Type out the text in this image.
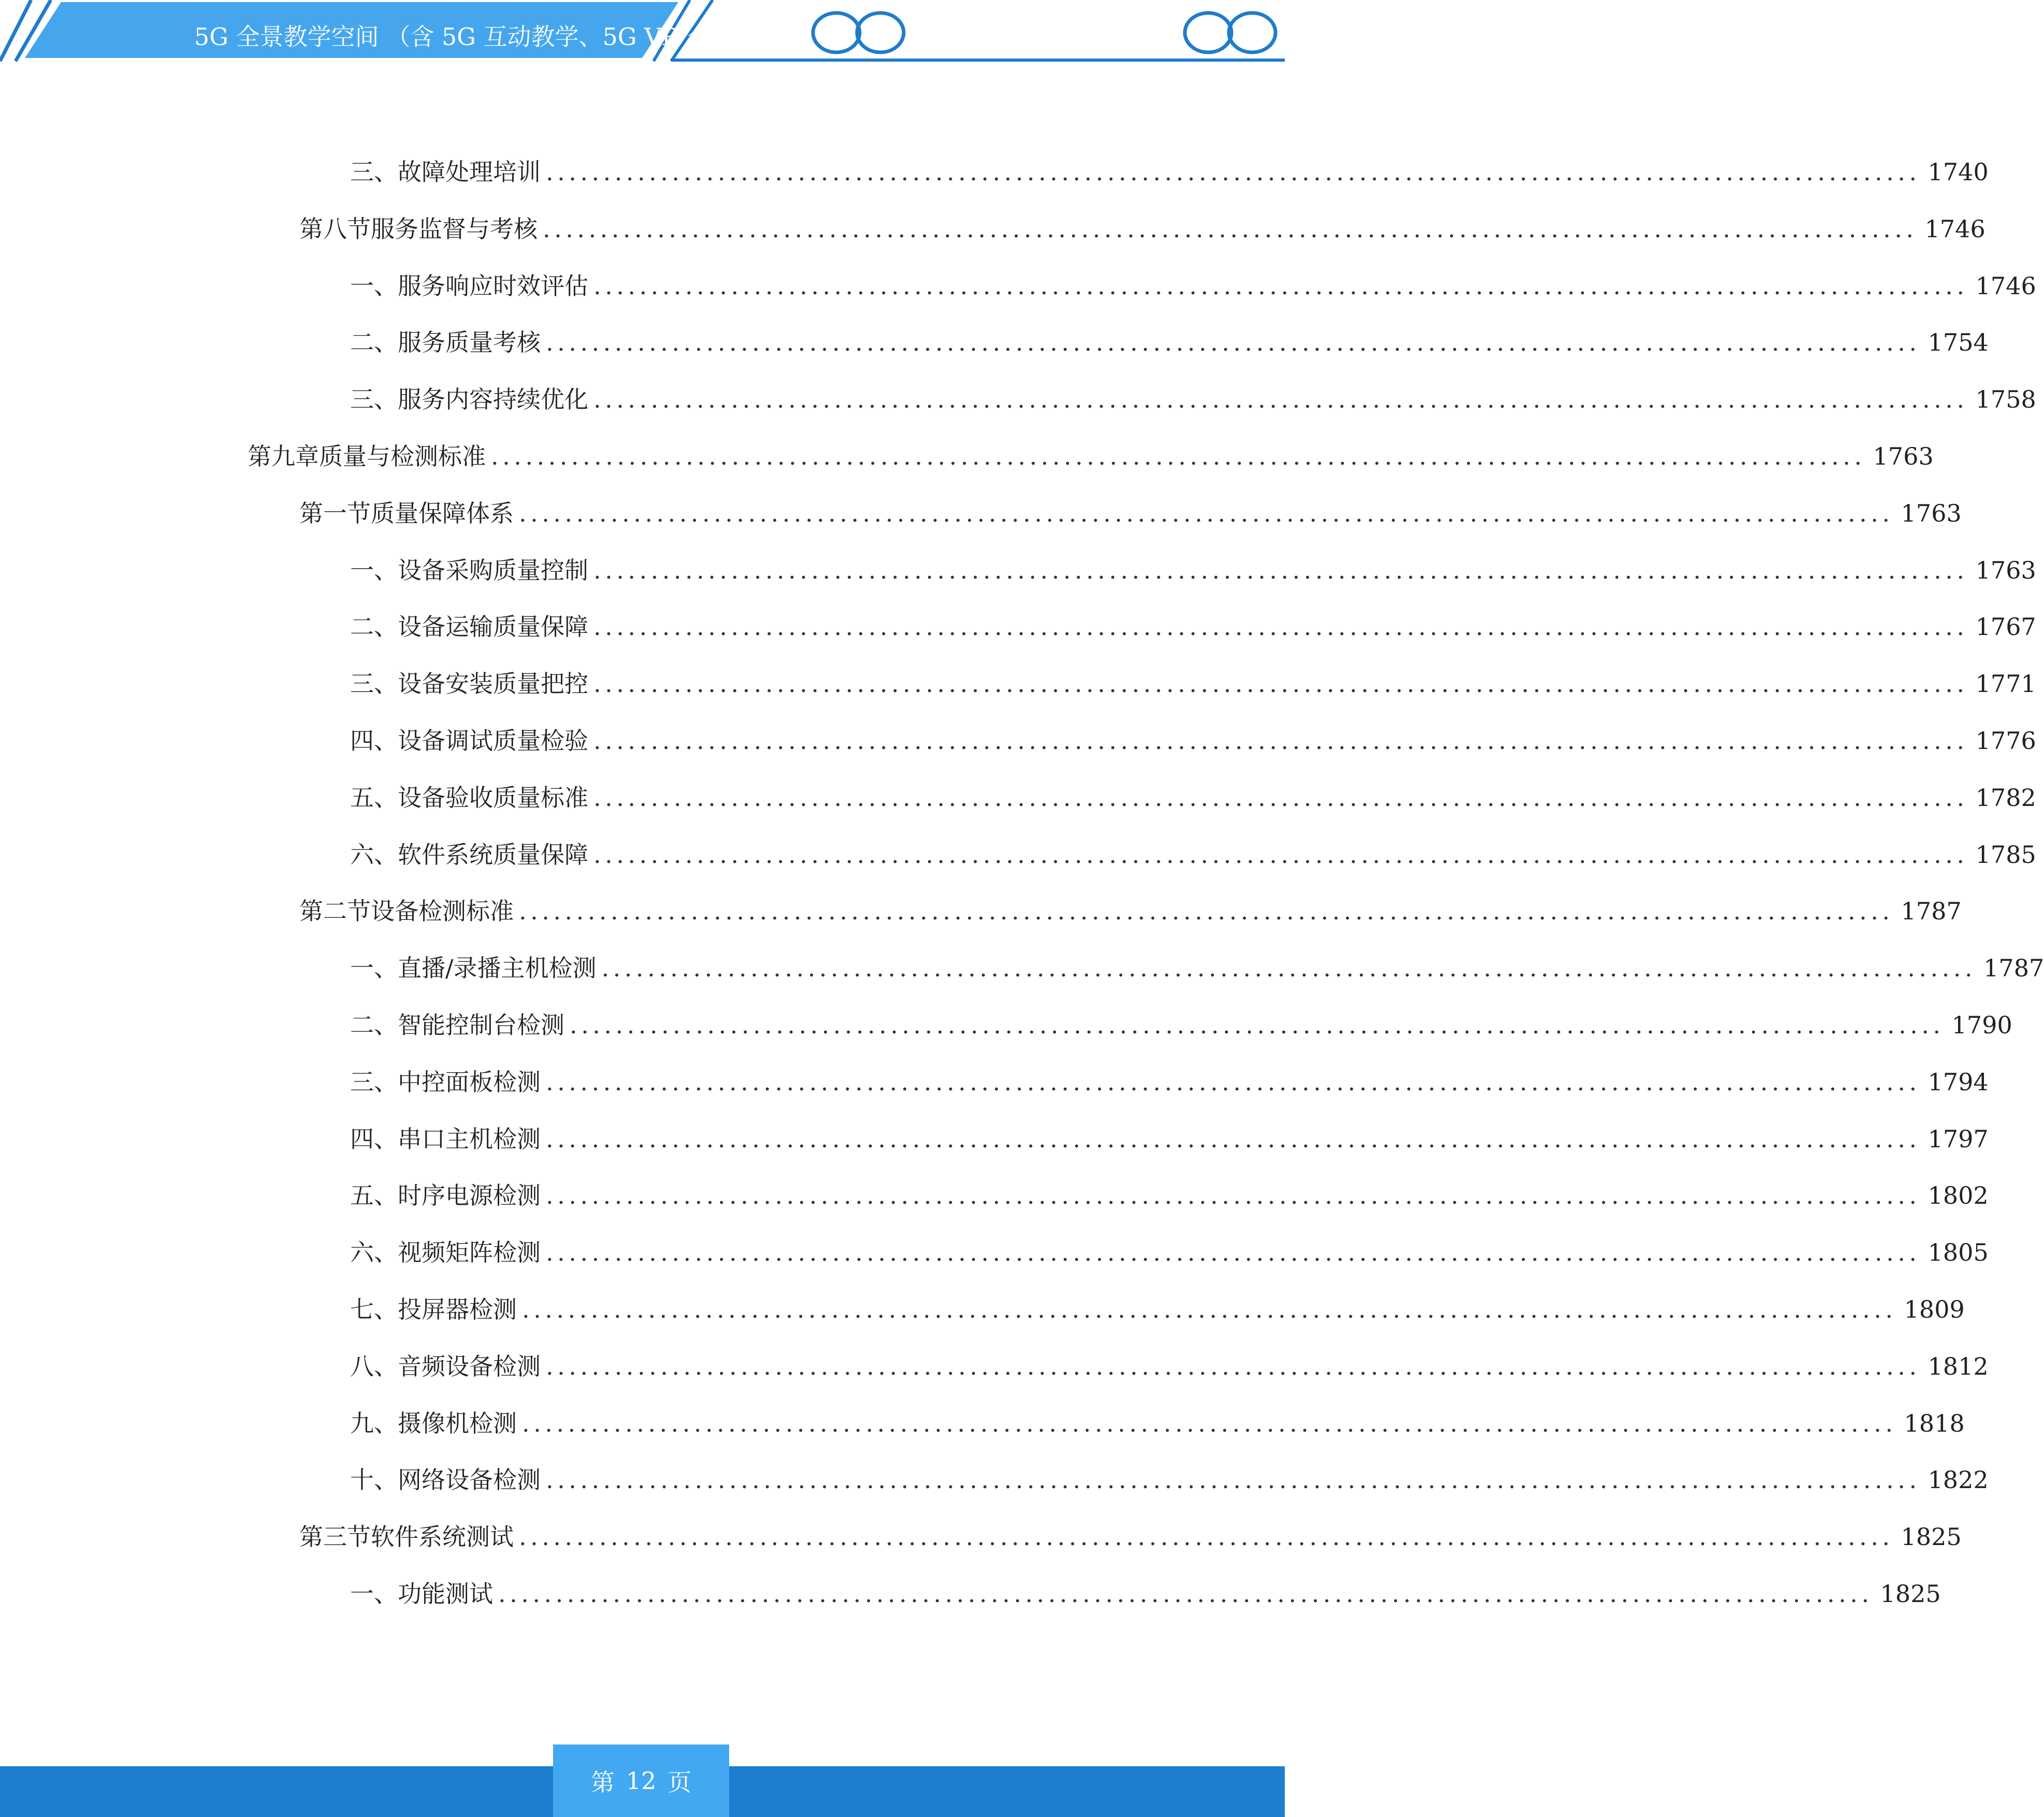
5G 全景教学空间 （含 5G 互动教学、5G VR 全景教学）
三、 故障处理培训 ........................................................................................................................ 1740
第八节 服务监督与考核 ........................................................................................................................ 1746
一、 服务响应时效评估 ........................................................................................................................ 1746
二、 服务质量考核 ........................................................................................................................ 1754
三、 服务内容持续优化 ........................................................................................................................ 1758
第九章 质量与检测标准 ........................................................................................................................ 1763
第一节 质量保障体系 ........................................................................................................................ 1763
一、 设备采购质量控制 ........................................................................................................................ 1763
二、 设备运输质量保障 ........................................................................................................................ 1767
三、 设备安装质量把控 ........................................................................................................................ 1771
四、 设备调试质量检验 ........................................................................................................................ 1776
五、 设备验收质量标准 ........................................................................................................................ 1782
六、 软件系统质量保障 ........................................................................................................................ 1785
第二节 设备检测标准 ........................................................................................................................ 1787
一、 直播/录播主机检测 ........................................................................................................................ 1787
二、 智能控制台检测 ........................................................................................................................ 1790
三、 中控面板检测 ........................................................................................................................ 1794
四、 串口主机检测 ........................................................................................................................ 1797
五、 时序电源检测 ........................................................................................................................ 1802
六、 视频矩阵检测 ........................................................................................................................ 1805
七、 投屏器检测 ........................................................................................................................ 1809
八、 音频设备检测 ........................................................................................................................ 1812
九、 摄像机检测 ........................................................................................................................ 1818
十、 网络设备检测 ........................................................................................................................ 1822
第三节 软件系统测试 ........................................................................................................................ 1825
一、 功能测试 ........................................................................................................................ 1825
第 12 页
